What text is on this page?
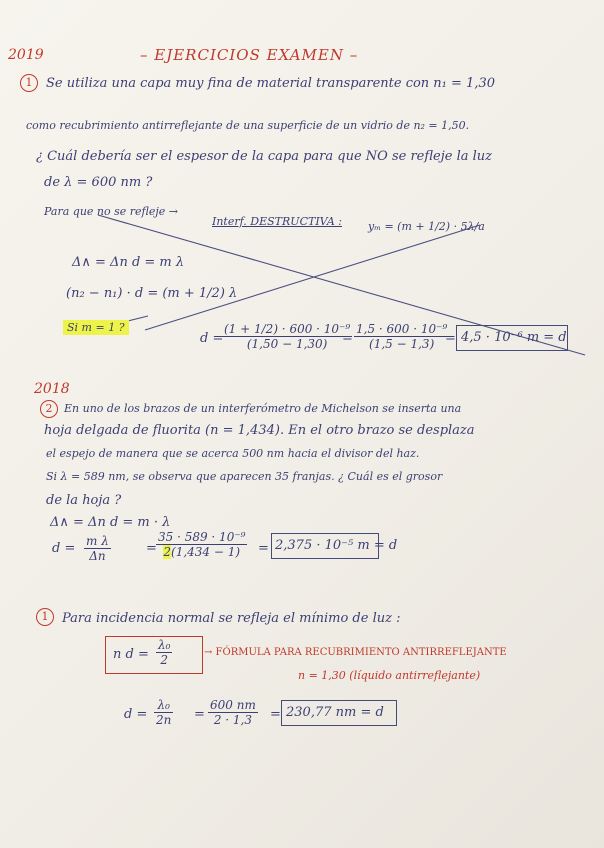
2019	– EJERCICIOS EXAMEN –
1	Se utiliza una capa muy fina de material transparente con n₁ = 1,30
como recubrimiento antirreflejante de una superficie de un vidrio de n₂ = 1,50.
¿ Cuál debería ser el espesor de la capa para que NO se refleje la luz
de λ = 600 nm ?
Para que no se refleje →
Interf. DESTRUCTIVA : yₘ = (m + 1/2) · 5λ/a
Δ∧ = Δn d = m λ
(n₂ − n₁) · d = (m + 1/2) λ
Si m = 1 ?
d =
$\frac{\text{(1 + 1/2) · 600 · 10⁻⁹}}{(1,50 - 1,30)}$
= $\frac{\text{1,5 · 600 · 10⁻⁹}}{(1,5 - 1,3)}$
= 4,5 · 10⁻⁶ m = d
2018
2	En uno de los brazos de un interferómetro de Michelson se inserta una
hoja delgada de fluorita (n = 1,434). En el otro brazo se desplaza
el espejo de manera que se acerca 500 nm hacia el divisor del haz.
Si λ = 589 nm, se observa que aparecen 35 franjas. ¿ Cuál es el grosor
de la hoja ?
Δ∧ = Δn d = m · λ
$d = \frac{\text{m λ}}{\Delta n}$	= $\frac{\text{35 · 589 · 10⁻⁹}}{2(1,434 - 1)} = 2,375 \cdot 10^{-5}$ m = d
1	Para incidencia normal se refleja el mínimo de luz :
n $d = \frac{\text{λ₀}}{2}$	→ FÓRMULA PARA RECUBRIMIENTO ANTIRREFLEJANTE
n = 1,30 (líquido antirreflejante)
$d = \frac{\text{λ₀}}{2n} = \frac{600 nm}{2 \cdot 1,3} = 230,77$ nm = d
